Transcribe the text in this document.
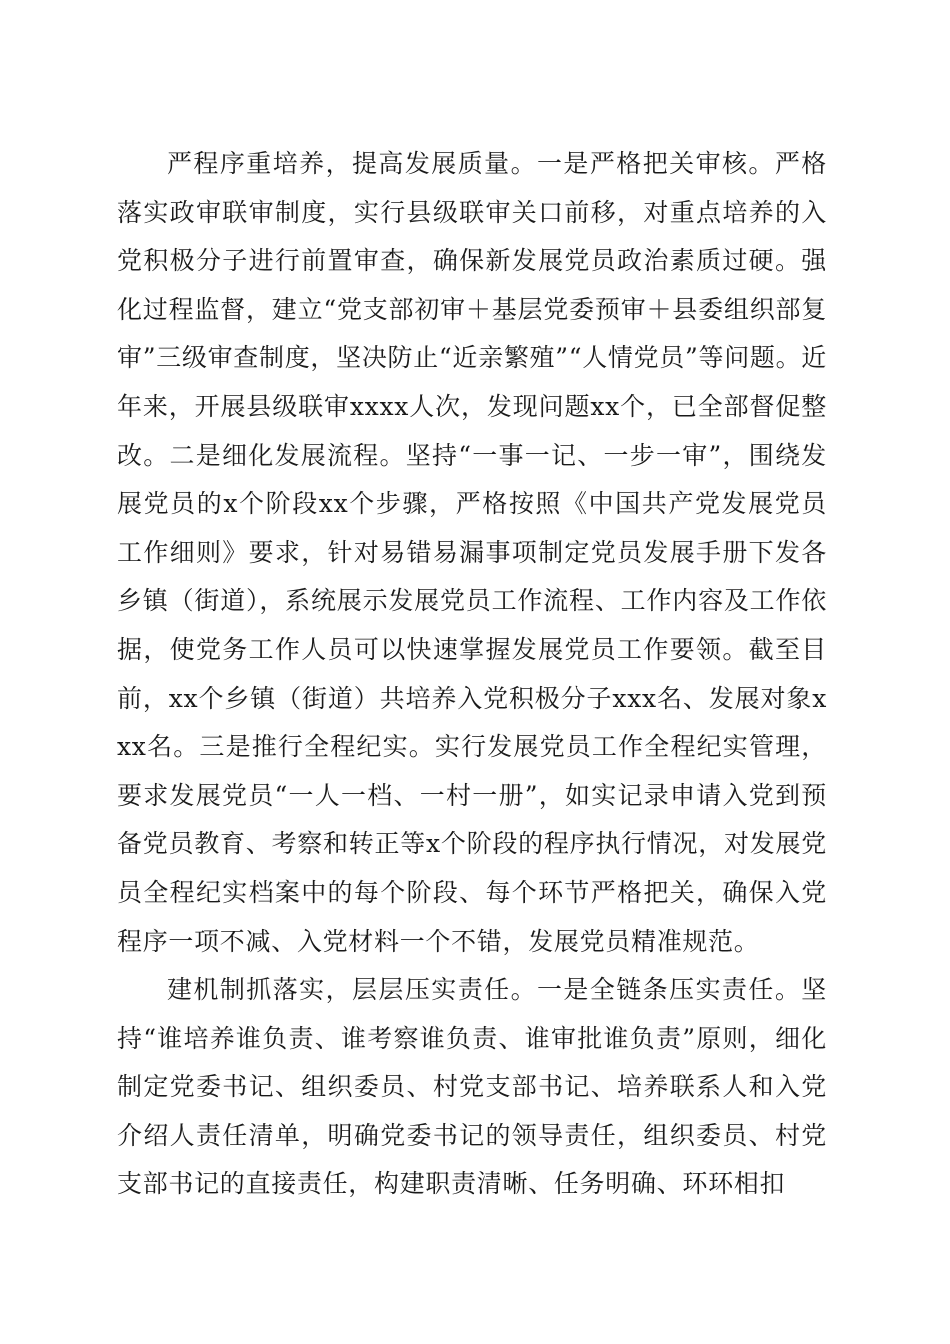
严程序重培养，提高发展质量。一是严格把关审核。严格落实政审联审制度，实行县级联审关口前移，对重点培养的入党积极分子进行前置审查，确保新发展党员政治素质过硬。强化过程监督，建立“党支部初审＋基层党委预审＋县委组织部复审”三级审查制度，坚决防止“近亲繁殖”“人情党员”等问题。近年来，开展县级联审xxxx人次，发现问题xx个，已全部督促整改。二是细化发展流程。坚持“一事一记、一步一审”，围绕发展党员的x个阶段xx个步骤，严格按照《中国共产党发展党员工作细则》要求，针对易错易漏事项制定党员发展手册下发各乡镇（街道），系统展示发展党员工作流程、工作内容及工作依据，使党务工作人员可以快速掌握发展党员工作要领。截至目前，xx个乡镇（街道）共培养入党积极分子xxx名、发展对象xxx名。三是推行全程纪实。实行发展党员工作全程纪实管理，要求发展党员“一人一档、一村一册”，如实记录申请入党到预备党员教育、考察和转正等x个阶段的程序执行情况，对发展党员全程纪实档案中的每个阶段、每个环节严格把关，确保入党程序一项不减、入党材料一个不错，发展党员精准规范。

建机制抓落实，层层压实责任。一是全链条压实责任。坚持“谁培养谁负责、谁考察谁负责、谁审批谁负责”原则，细化制定党委书记、组织委员、村党支部书记、培养联系人和入党介绍人责任清单，明确党委书记的领导责任，组织委员、村党支部书记的直接责任，构建职责清晰、任务明确、环环相扣
